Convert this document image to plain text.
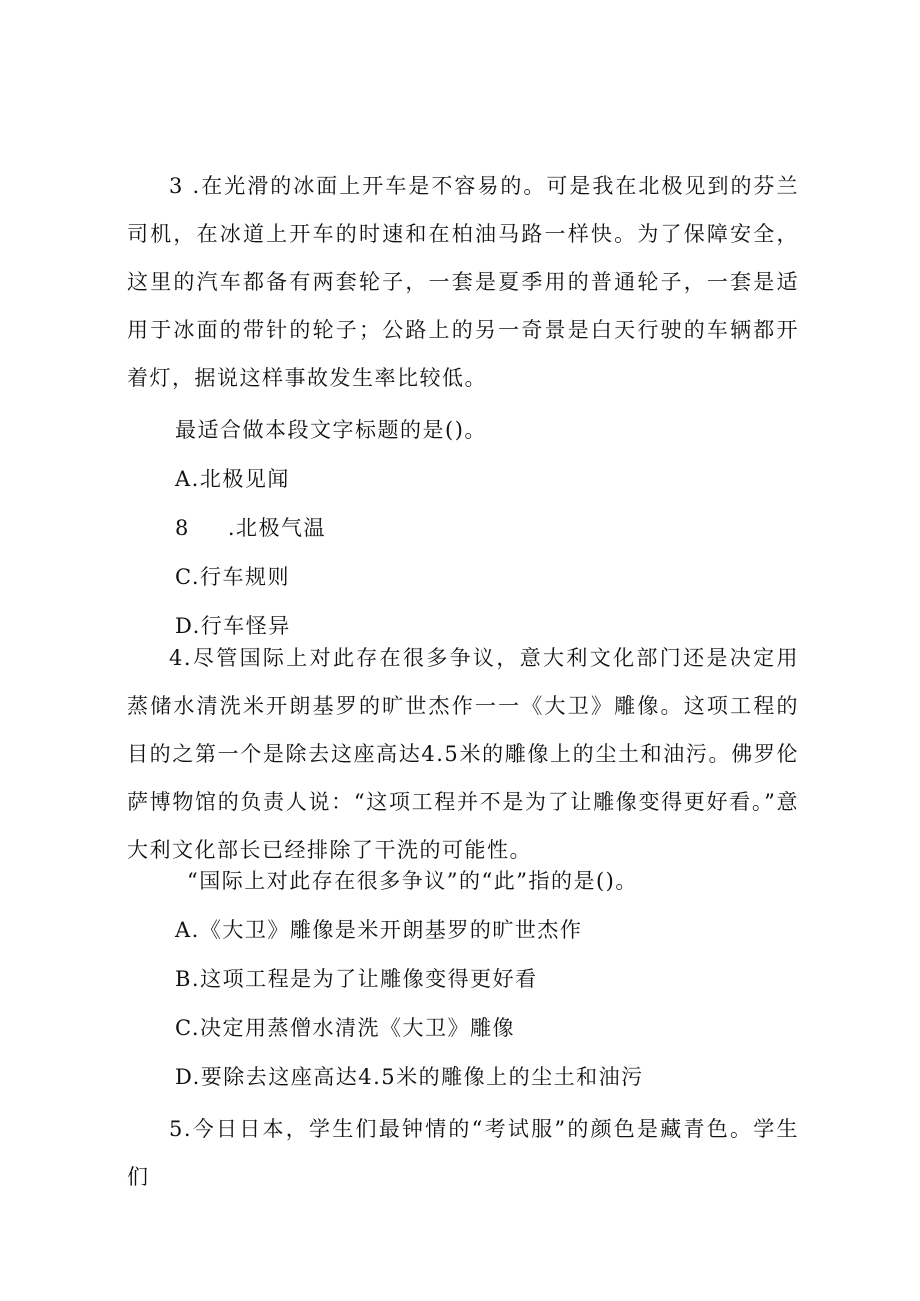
3 .在光滑的冰面上开车是不容易的。可是我在北极见到的芬兰司机，在冰道上开车的时速和在柏油马路一样快。为了保障安全，这里的汽车都备有两套轮子，一套是夏季用的普通轮子，一套是适用于冰面的带针的轮子；公路上的另一奇景是白天行驶的车辆都开着灯，据说这样事故发生率比较低。

最适合做本段文字标题的是()。

A.北极见闻

8 .北极气温

C.行车规则

D.行车怪异

4.尽管国际上对此存在很多争议，意大利文化部门还是决定用蒸储水清洗米开朗基罗的旷世杰作一一《大卫》雕像。这项工程的目的之第一个是除去这座高达4.5米的雕像上的尘土和油污。佛罗伦萨博物馆的负责人说：“这项工程并不是为了让雕像变得更好看。”意大利文化部长已经排除了干洗的可能性。

“国际上对此存在很多争议”的“此”指的是()。

A.《大卫》雕像是米开朗基罗的旷世杰作

B.这项工程是为了让雕像变得更好看

C.决定用蒸僧水清洗《大卫》雕像

D.要除去这座高达4.5米的雕像上的尘土和油污

5.今日日本，学生们最钟情的“考试服”的颜色是藏青色。学生们
